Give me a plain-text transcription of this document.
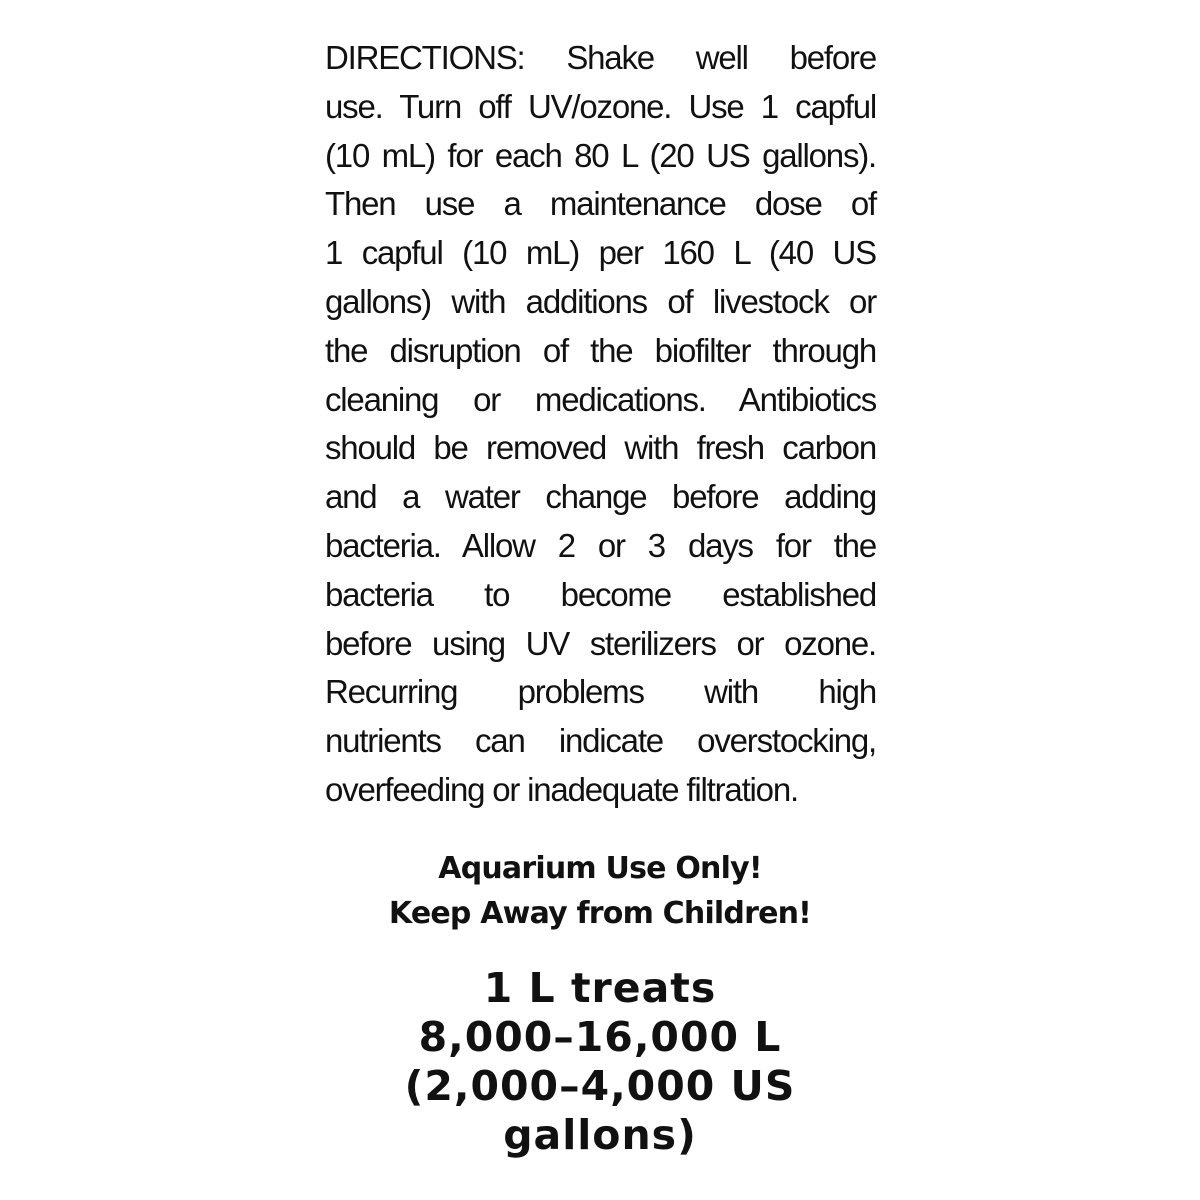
DIRECTIONS: Shake well before
use. Turn off UV/ozone. Use 1 capful
(10 mL) for each 80 L (20 US gallons).
Then use a maintenance dose of
1 capful (10 mL) per 160 L (40 US
gallons) with additions of livestock or
the disruption of the biofilter through
cleaning or medications. Antibiotics
should be removed with fresh carbon
and a water change before adding
bacteria. Allow 2 or 3 days for the
bacteria to become established
before using UV sterilizers or ozone.
Recurring problems with high
nutrients can indicate overstocking,
overfeeding or inadequate filtration.
Aquarium Use Only!
Keep Away from Children!
1 L treats
8,000–16,000 L
(2,000–4,000 US
gallons)
